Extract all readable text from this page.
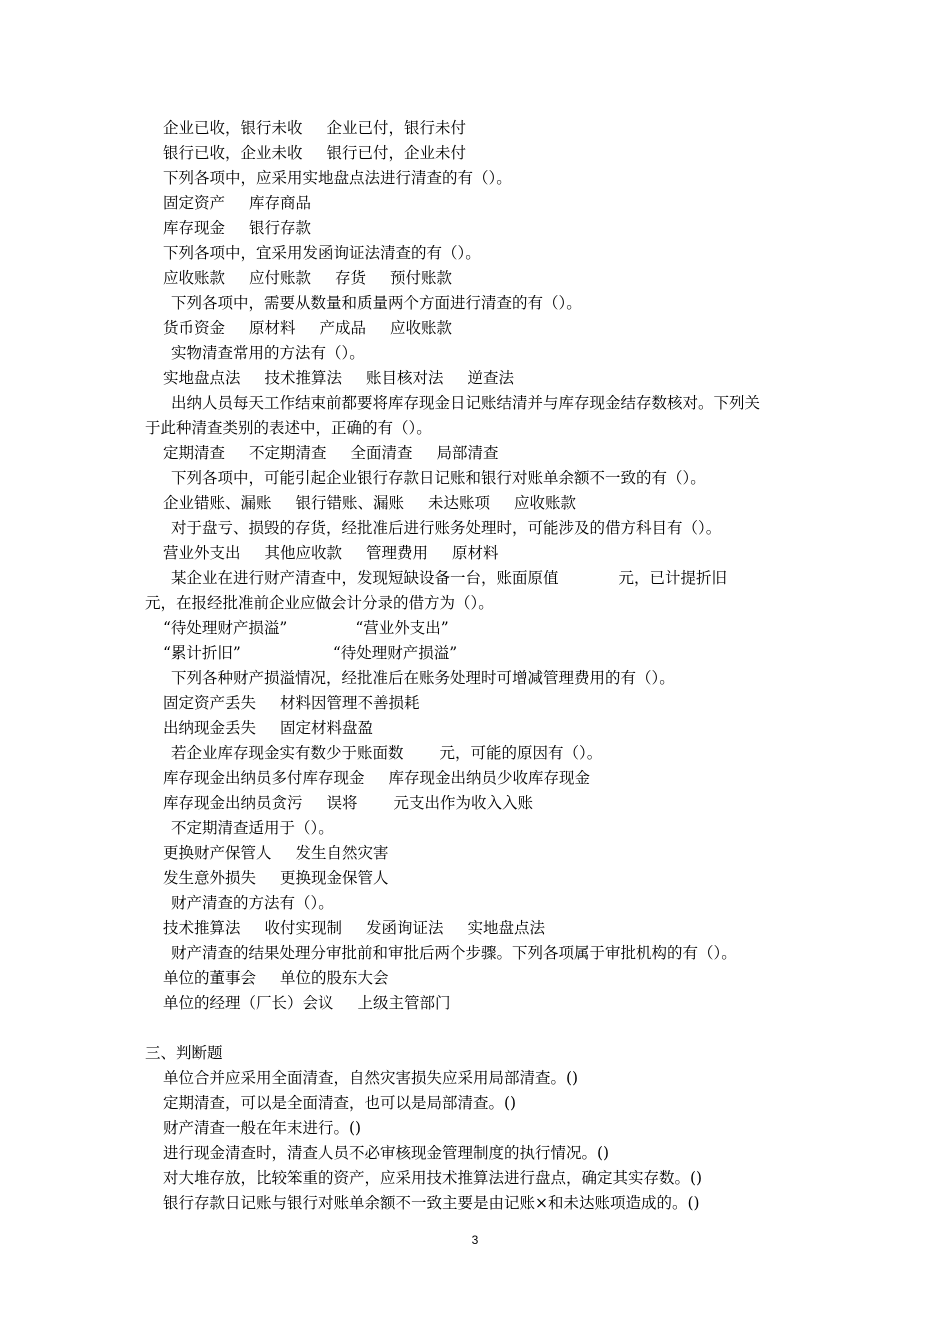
企业已收，银行未收 企业已付，银行未付
银行已收，企业未收 银行已付，企业未付
下列各项中，应采用实地盘点法进行清查的有（）。
固定资产 库存商品
库存现金 银行存款
下列各项中，宜采用发函询证法清查的有（）。
应收账款 应付账款 存货 预付账款
下列各项中，需要从数量和质量两个方面进行清查的有（）。
货币资金 原材料 产成品 应收账款
实物清查常用的方法有（）。
实地盘点法 技术推算法 账目核对法 逆查法
出纳人员每天工作结束前都要将库存现金日记账结清并与库存现金结存数核对。下列关
于此种清查类别的表述中，正确的有（）。
定期清查 不定期清查 全面清查 局部清查
下列各项中，可能引起企业银行存款日记账和银行对账单余额不一致的有（）。
企业错账、漏账 银行错账、漏账 未达账项 应收账款
对于盘亏、损毁的存货，经批准后进行账务处理时，可能涉及的借方科目有（）。
营业外支出 其他应收款 管理费用 原材料
某企业在进行财产清查中，发现短缺设备一台，账面原值	元，已计提折旧
元，在报经批准前企业应做会计分录的借方为（）。
“待处理财产损溢”	“营业外支出”
“累计折旧”	“待处理财产损溢”
下列各种财产损溢情况，经批准后在账务处理时可增减管理费用的有（）。
固定资产丢失 材料因管理不善损耗
出纳现金丢失 固定材料盘盈
若企业库存现金实有数少于账面数 元，可能的原因有（）。
库存现金出纳员多付库存现金 库存现金出纳员少收库存现金
库存现金出纳员贪污 误将 元支出作为收入入账
不定期清查适用于（）。
更换财产保管人 发生自然灾害
发生意外损失 更换现金保管人
财产清查的方法有（）。
技术推算法 收付实现制 发函询证法 实地盘点法
财产清查的结果处理分审批前和审批后两个步骤。下列各项属于审批机构的有（）。
单位的董事会 单位的股东大会
单位的经理（厂长）会议 上级主管部门
三、判断题
单位合并应采用全面清查，自然灾害损失应采用局部清查。()
定期清查，可以是全面清查，也可以是局部清查。()
财产清查一般在年末进行。()
进行现金清查时，清查人员不必审核现金管理制度的执行情况。()
对大堆存放，比较笨重的资产，应采用技术推算法进行盘点，确定其实存数。()
银行存款日记账与银行对账单余额不一致主要是由记账×和未达账项造成的。()
3
